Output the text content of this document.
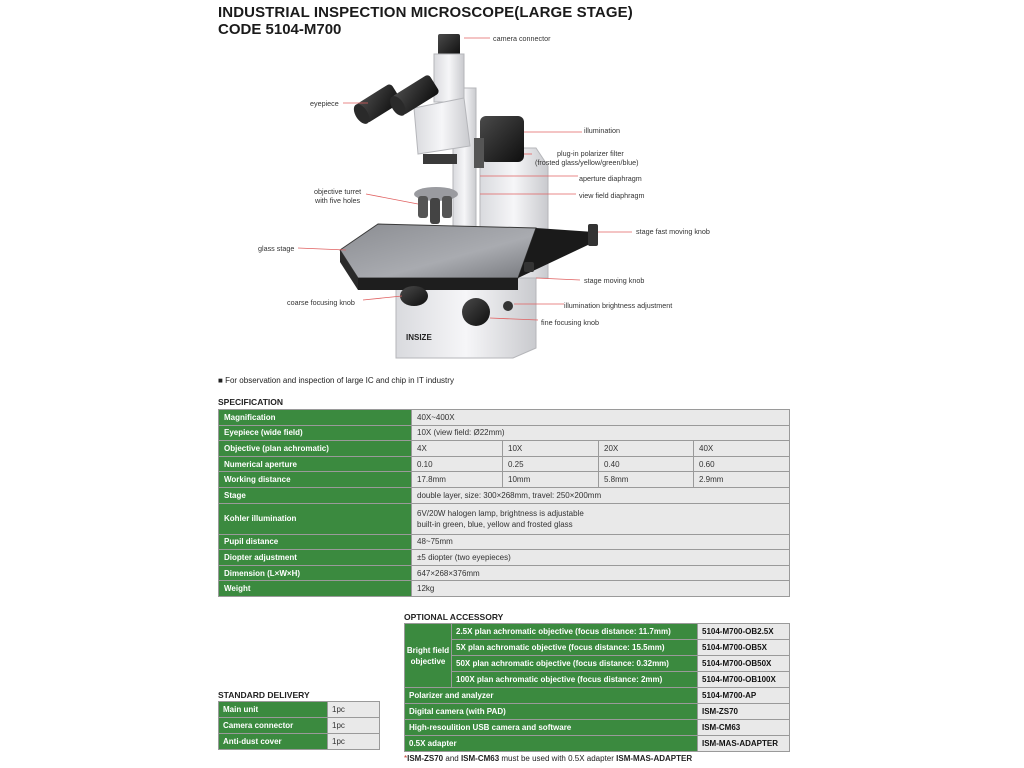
INDUSTRIAL INSPECTION MICROSCOPE(LARGE STAGE)
CODE 5104-M700
INSIZE
camera connector
eyepiece
illumination
plug-in polarizer filter
(frosted glass/yellow/green/blue)
aperture diaphragm
view field diaphragm
objective turret
with five holes
glass stage
stage fast moving knob
stage moving knob
coarse focusing knob	illumination brightness adjustment
fine focusing knob
■ For observation and inspection of large IC and chip in IT industry
SPECIFICATION
Magnification	40X~400X			
Eyepiece (wide field)	10X (view field: Ø22mm)			
Objective (plan achromatic)	4X	10X	20X	40X
Numerical aperture	0.10	0.25	0.40	0.60
Working distance	17.8mm	10mm	5.8mm	2.9mm
Stage	double layer, size: 300×268mm, travel: 250×200mm			
Kohler illumination	6V/20W halogen lamp, brightness is adjustable
built-in green, blue, yellow and frosted glass			

Pupil distance	48~75mm			
Diopter adjustment	±5 diopter (two eyepieces)			
Dimension (L×W×H)	647×268×376mm			
Weight	12kg			
OPTIONAL ACCESSORY
Bright field
objective	2.5X plan achromatic objective (focus distance: 11.7mm)	5104-M700-OB2.5X
	5X plan achromatic objective (focus distance: 15.5mm)	5104-M700-OB5X
	50X plan achromatic objective (focus distance: 0.32mm)	5104-M700-OB50X
	100X plan achromatic objective (focus distance: 2mm)	5104-M700-OB100X
Polarizer and analyzer		5104-M700-AP
Digital camera (with PAD)		ISM-ZS70
High-resoulition USB camera and software		ISM-CM63
0.5X adapter		ISM-MAS-ADAPTER
STANDARD DELIVERY
Main unit	1pc
Camera connector	1pc
Anti-dust cover	1pc
*ISM-ZS70 and ISM-CM63 must be used with 0.5X adapter ISM-MAS-ADAPTER
